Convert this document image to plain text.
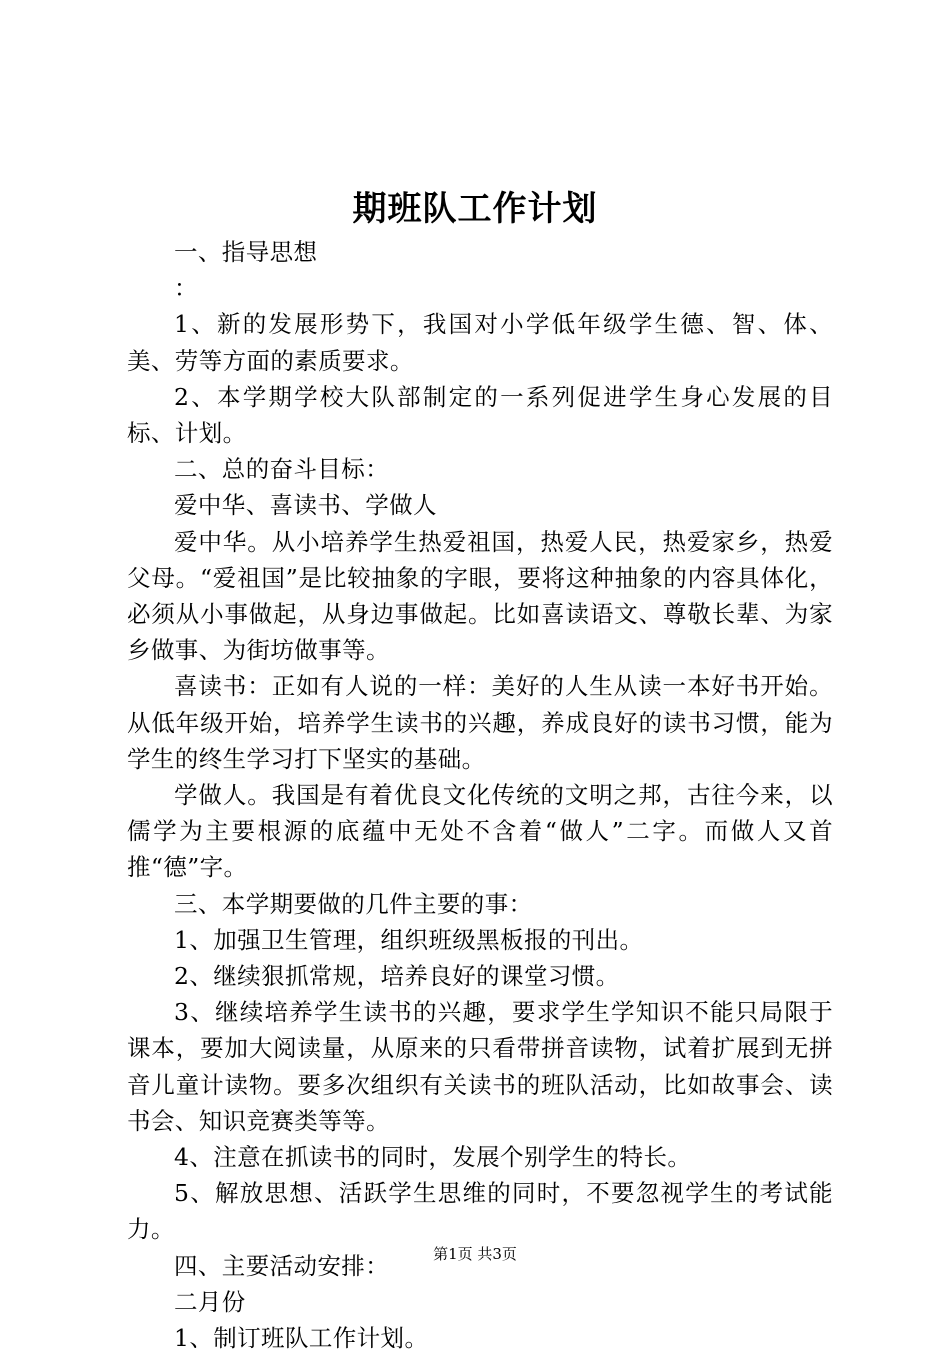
期班队工作计划

一、指导思想

：

1、新的发展形势下，我国对小学低年级学生德、智、体、美、劳等方面的素质要求。

2、本学期学校大队部制定的一系列促进学生身心发展的目标、计划。

二、总的奋斗目标：

爱中华、喜读书、学做人

爱中华。从小培养学生热爱祖国，热爱人民，热爱家乡，热爱父母。“爱祖国”是比较抽象的字眼，要将这种抽象的内容具体化，必须从小事做起，从身边事做起。比如喜读语文、尊敬长辈、为家乡做事、为街坊做事等。

喜读书：正如有人说的一样：美好的人生从读一本好书开始。从低年级开始，培养学生读书的兴趣，养成良好的读书习惯，能为学生的终生学习打下坚实的基础。

学做人。我国是有着优良文化传统的文明之邦，古往今来，以儒学为主要根源的底蕴中无处不含着“做人”二字。而做人又首推“德”字。

三、本学期要做的几件主要的事：

1、加强卫生管理，组织班级黑板报的刊出。

2、继续狠抓常规，培养良好的课堂习惯。

3、继续培养学生读书的兴趣，要求学生学知识不能只局限于课本，要加大阅读量，从原来的只看带拼音读物，试着扩展到无拼音儿童计读物。要多次组织有关读书的班队活动，比如故事会、读书会、知识竞赛类等等。

4、注意在抓读书的同时，发展个别学生的特长。

5、解放思想、活跃学生思维的同时，不要忽视学生的考试能力。

四、主要活动安排：

二月份

1、制订班队工作计划。

第1页 共3页
